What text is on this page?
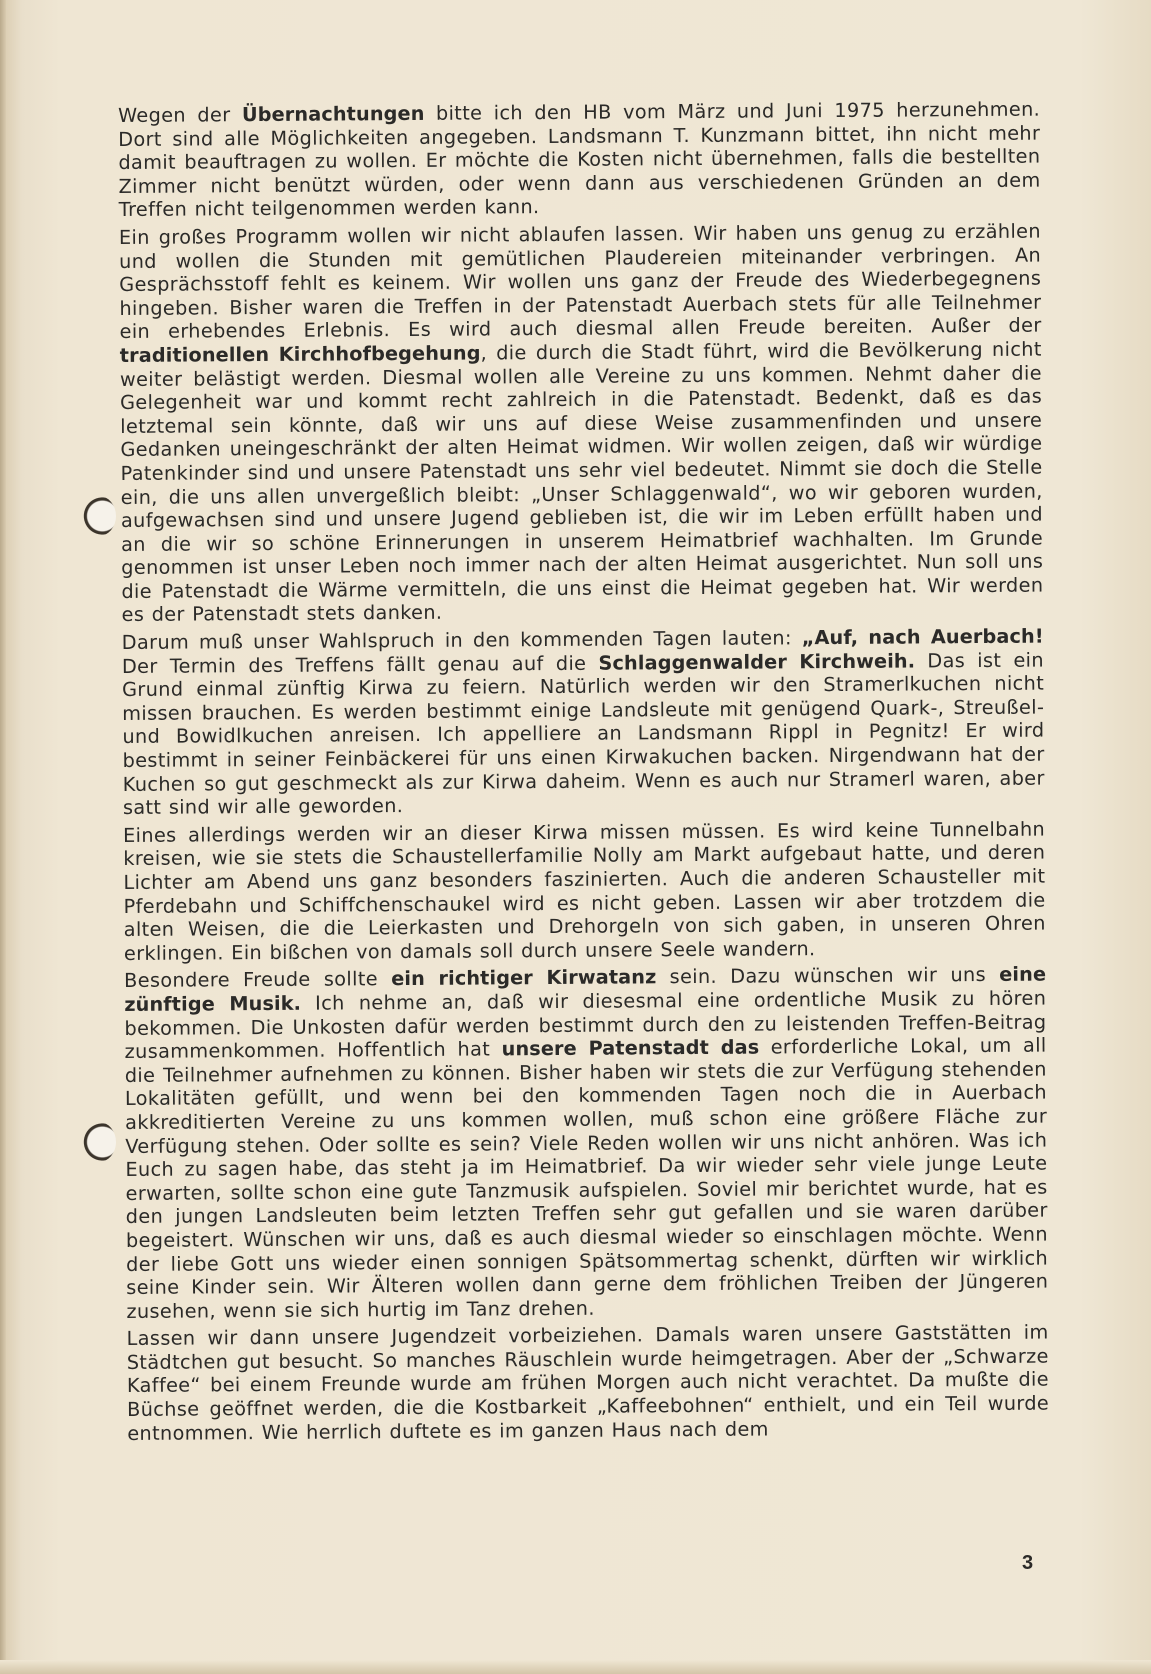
Wegen der Übernachtungen bitte ich den HB vom März und Juni 1975 herzunehmen. Dort sind alle Möglichkeiten angegeben. Landsmann T. Kunzmann bittet, ihn nicht mehr damit beauftragen zu wollen. Er möchte die Kosten nicht übernehmen, falls die bestellten Zimmer nicht benützt würden, oder wenn dann aus verschiedenen Gründen an dem Treffen nicht teilgenommen werden kann.

Ein großes Programm wollen wir nicht ablaufen lassen. Wir haben uns genug zu erzählen und wollen die Stunden mit gemütlichen Plaudereien miteinander verbringen. An Gesprächsstoff fehlt es keinem. Wir wollen uns ganz der Freude des Wiederbegegnens hingeben. Bisher waren die Treffen in der Patenstadt Auerbach stets für alle Teilnehmer ein erhebendes Erlebnis. Es wird auch diesmal allen Freude bereiten. Außer der traditionellen Kirchhofbegehung, die durch die Stadt führt, wird die Bevölkerung nicht weiter belästigt werden. Diesmal wollen alle Vereine zu uns kommen. Nehmt daher die Gelegenheit war und kommt recht zahlreich in die Patenstadt. Bedenkt, daß es das letztemal sein könnte, daß wir uns auf diese Weise zusammenfinden und unsere Gedanken uneingeschränkt der alten Heimat widmen. Wir wollen zeigen, daß wir würdige Patenkinder sind und unsere Patenstadt uns sehr viel bedeutet. Nimmt sie doch die Stelle ein, die uns allen unvergeßlich bleibt: „Unser Schlaggenwald“, wo wir geboren wurden, aufgewachsen sind und unsere Jugend geblieben ist, die wir im Leben erfüllt haben und an die wir so schöne Erinnerungen in unserem Heimatbrief wachhalten. Im Grunde genommen ist unser Leben noch immer nach der alten Heimat ausgerichtet. Nun soll uns die Patenstadt die Wärme vermitteln, die uns einst die Heimat gegeben hat. Wir werden es der Patenstadt stets danken.

Darum muß unser Wahlspruch in den kommenden Tagen lauten: „Auf, nach Auerbach! Der Termin des Treffens fällt genau auf die Schlaggenwalder Kirchweih. Das ist ein Grund einmal zünftig Kirwa zu feiern. Natürlich werden wir den Stramerlkuchen nicht missen brauchen. Es werden bestimmt einige Landsleute mit genügend Quark-, Streußel- und Bowidlkuchen anreisen. Ich appelliere an Landsmann Rippl in Pegnitz! Er wird bestimmt in seiner Feinbäckerei für uns einen Kirwakuchen backen. Nirgendwann hat der Kuchen so gut geschmeckt als zur Kirwa daheim. Wenn es auch nur Stramerl waren, aber satt sind wir alle geworden.

Eines allerdings werden wir an dieser Kirwa missen müssen. Es wird keine Tunnelbahn kreisen, wie sie stets die Schaustellerfamilie Nolly am Markt aufgebaut hatte, und deren Lichter am Abend uns ganz besonders faszinierten. Auch die anderen Schausteller mit Pferdebahn und Schiffchenschaukel wird es nicht geben. Lassen wir aber trotzdem die alten Weisen, die die Leierkasten und Drehorgeln von sich gaben, in unseren Ohren erklingen. Ein bißchen von damals soll durch unsere Seele wandern.

Besondere Freude sollte ein richtiger Kirwatanz sein. Dazu wünschen wir uns eine zünftige Musik. Ich nehme an, daß wir diesesmal eine ordentliche Musik zu hören bekommen. Die Unkosten dafür werden bestimmt durch den zu leistenden Treffen-Beitrag zusammenkommen. Hoffentlich hat unsere Patenstadt das erforderliche Lokal, um all die Teilnehmer aufnehmen zu können. Bisher haben wir stets die zur Verfügung stehenden Lokalitäten gefüllt, und wenn bei den kommenden Tagen noch die in Auerbach akkreditierten Vereine zu uns kommen wollen, muß schon eine größere Fläche zur Verfügung stehen. Oder sollte es sein? Viele Reden wollen wir uns nicht anhören. Was ich Euch zu sagen habe, das steht ja im Heimatbrief. Da wir wieder sehr viele junge Leute erwarten, sollte schon eine gute Tanzmusik aufspielen. Soviel mir berichtet wurde, hat es den jungen Landsleuten beim letzten Treffen sehr gut gefallen und sie waren darüber begeistert. Wünschen wir uns, daß es auch diesmal wieder so einschlagen möchte. Wenn der liebe Gott uns wieder einen sonnigen Spätsommertag schenkt, dürften wir wirklich seine Kinder sein. Wir Älteren wollen dann gerne dem fröhlichen Treiben der Jüngeren zusehen, wenn sie sich hurtig im Tanz drehen.

Lassen wir dann unsere Jugendzeit vorbeiziehen. Damals waren unsere Gaststätten im Städtchen gut besucht. So manches Räuschlein wurde heimgetragen. Aber der „Schwarze Kaffee“ bei einem Freunde wurde am frühen Morgen auch nicht verachtet. Da mußte die Büchse geöffnet werden, die die Kostbarkeit „Kaffeebohnen“ enthielt, und ein Teil wurde entnommen. Wie herrlich duftete es im ganzen Haus nach dem

3
